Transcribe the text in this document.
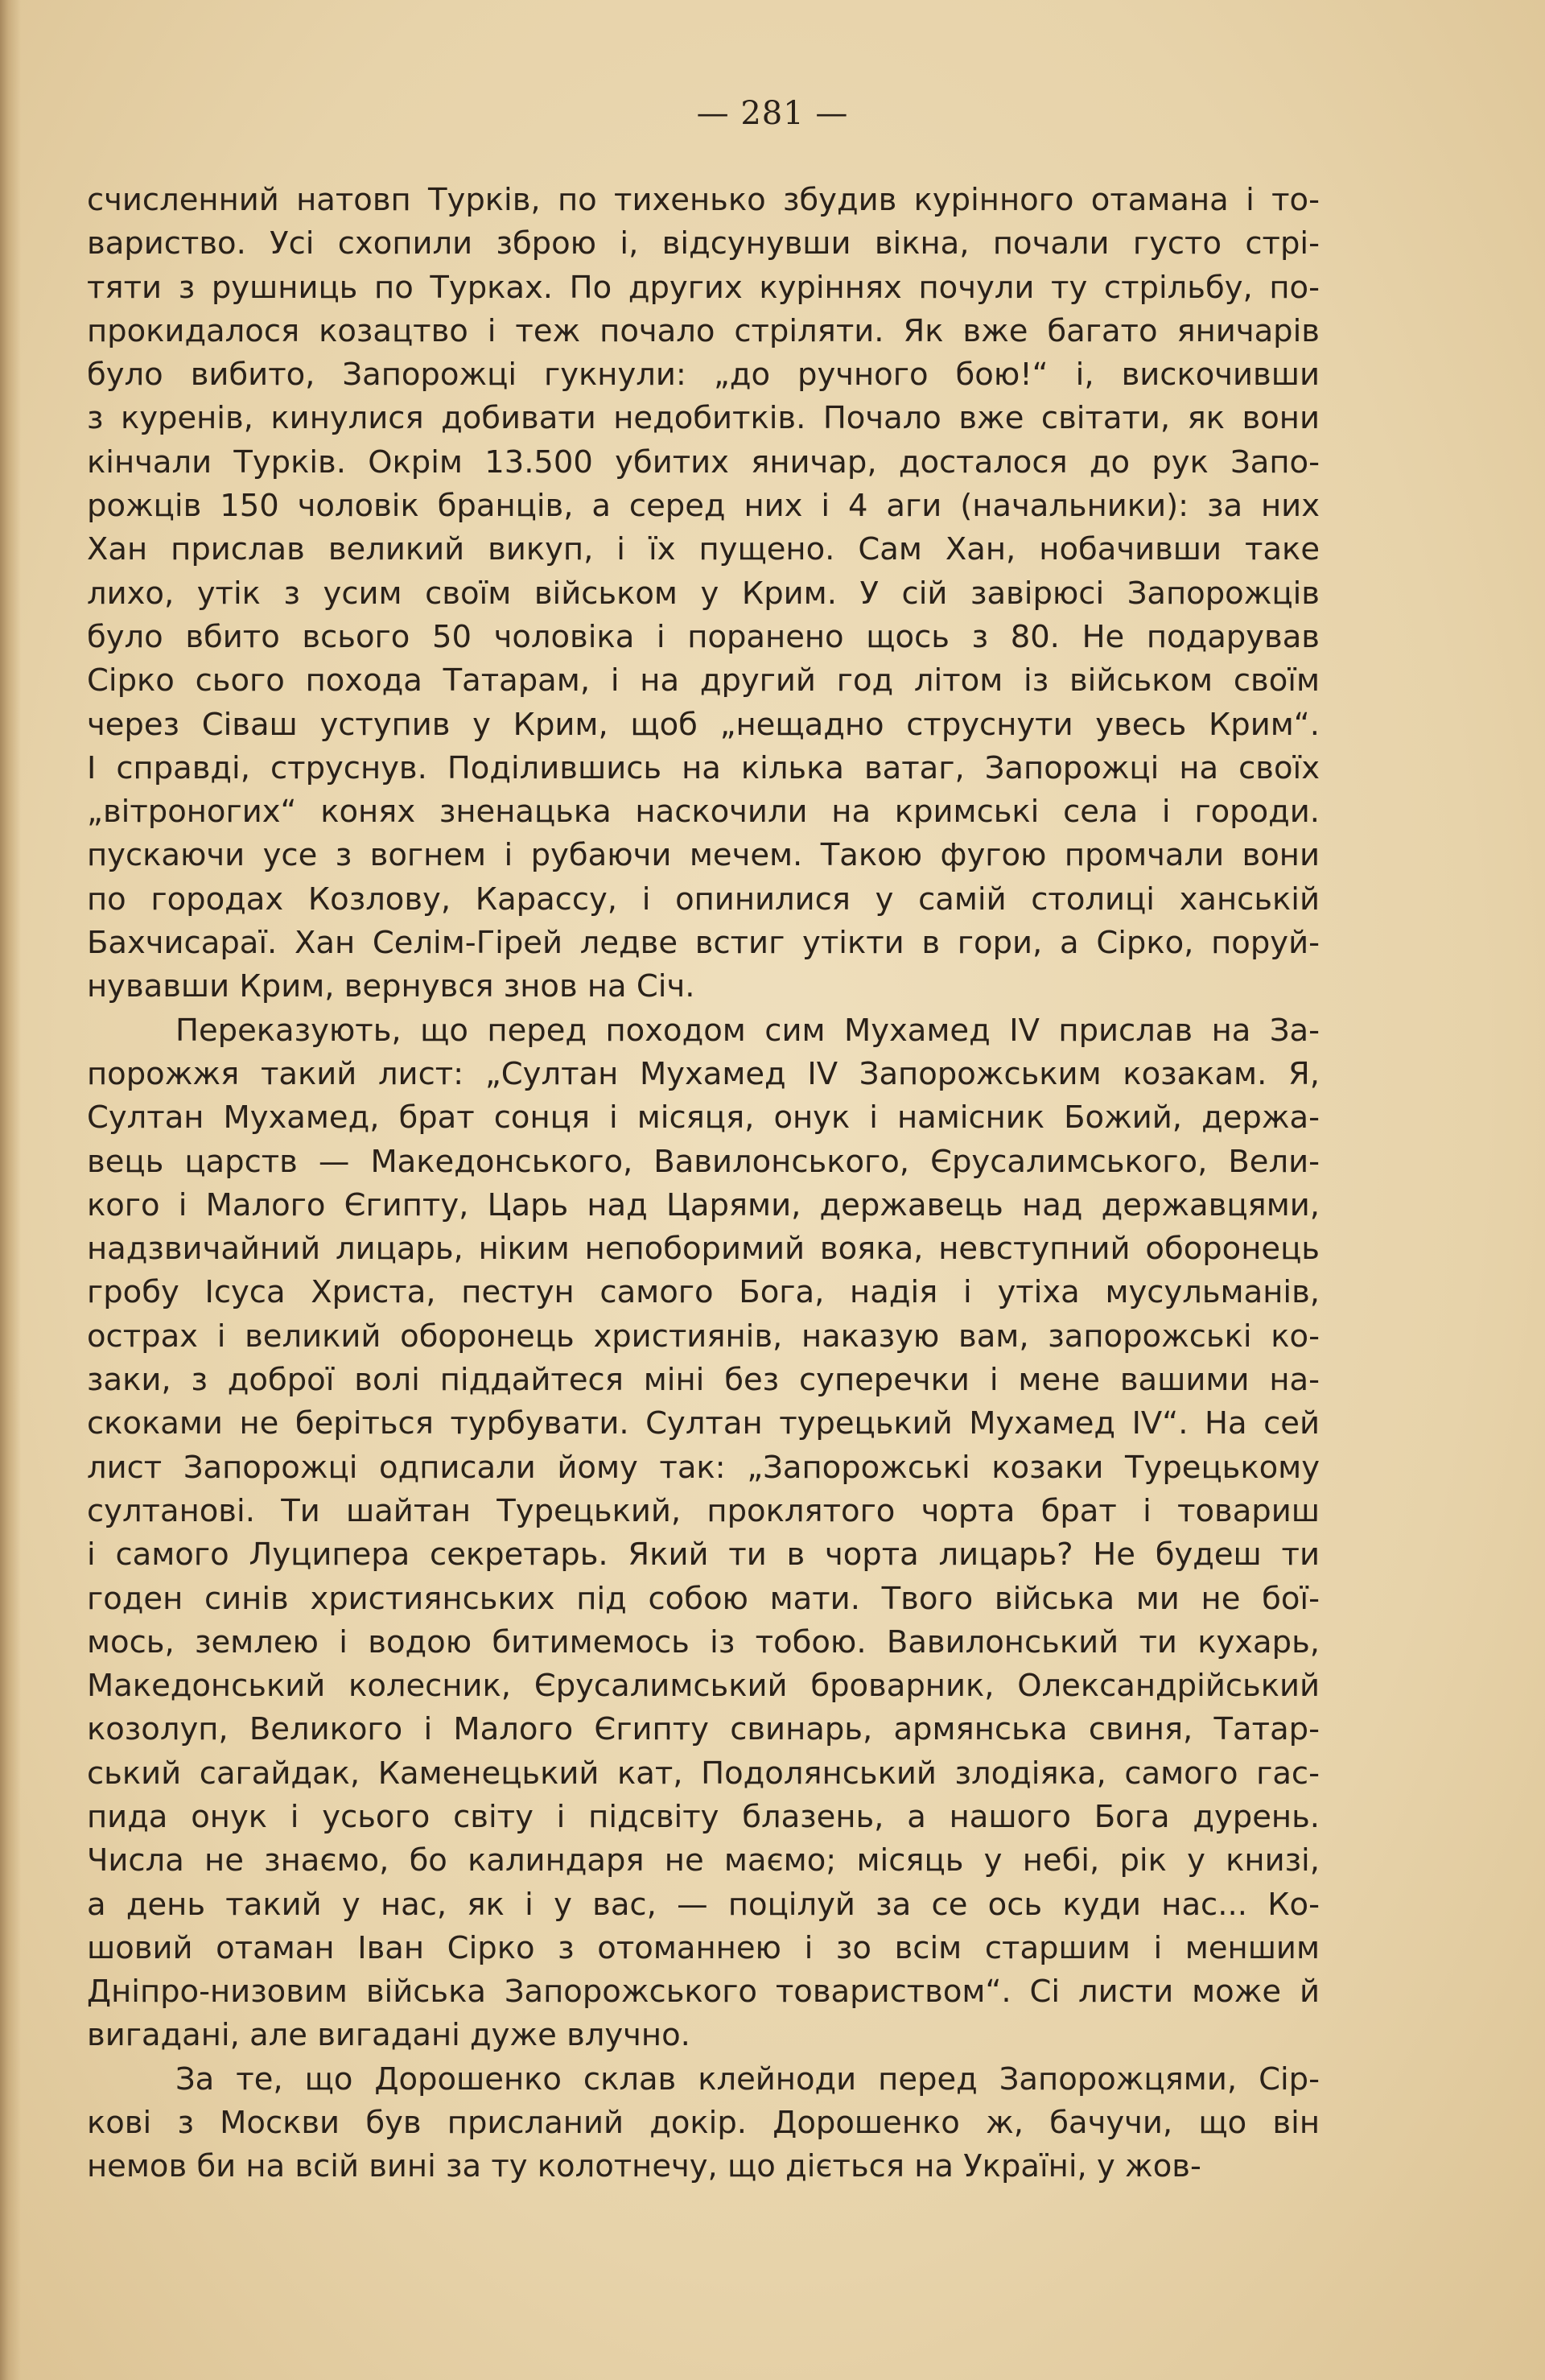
— 281 —
счисленний натовп Турків, по тихенько збудив курінного отамана і то-
вариство. Усі схопили зброю і, відсунувши вікна, почали густо стрі-
тяти з рушниць по Турках. По других куріннях почули ту стрільбу, по-
прокидалося козацтво і теж почало стріляти. Як вже багато яничарів
було вибито, Запорожці гукнули: „до ручного бою!“ і, вискочивши
з куренів, кинулися добивати недобитків. Почало вже світати, як вони
кінчали Турків. Окрім 13.500 убитих яничар, досталося до рук Запо-
рожців 150 чоловік бранців, а серед них і 4 аги (начальники): за них
Хан прислав великий викуп, і їх пущено. Сам Хан, нобачивши таке
лихо, утік з усим своїм військом у Крим. У сій завірюсі Запорожців
було вбито всього 50 чоловіка і поранено щось з 80. Не подарував
Сірко сього похода Татарам, і на другий год літом із військом своїм
через Сіваш уступив у Крим, щоб „нещадно струснути увесь Крим“.
І справді, струснув. Поділившись на кілька ватаг, Запорожці на своїх
„вітроногих“ конях зненацька наскочили на кримські села і городи.
пускаючи усе з вогнем і рубаючи мечем. Такою фугою промчали вони
по городах Козлову, Карассу, і опинилися у самій столиці ханській
Бахчисараї. Хан Селім-Гірей ледве встиг утікти в гори, а Сірко, поруй-
нувавши Крим, вернувся знов на Січ.
Переказують, що перед походом сим Мухамед IV прислав на За-
порожжя такий лист: „Султан Мухамед IV Запорожським козакам. Я,
Султан Мухамед, брат сонця і місяця, онук і намісник Божий, держа-
вець царств — Македонського, Вавилонського, Єрусалимського, Вели-
кого і Малого Єгипту, Царь над Царями, державець над державцями,
надзвичайний лицарь, ніким непоборимий вояка, невступний оборонець
гробу Ісуса Христа, пестун самого Бога, надія і утіха мусульманів,
острах і великий оборонець християнів, наказую вам, запорожські ко-
заки, з доброї волі піддайтеся міні без суперечки і мене вашими на-
скоками не беріться турбувати. Султан турецький Мухамед IV“. На сей
лист Запорожці одписали йому так: „Запорожські козаки Турецькому
султанові. Ти шайтан Турецький, проклятого чорта брат і товариш
і самого Луципера секретарь. Який ти в чорта лицарь? Не будеш ти
годен синів християнських під собою мати. Твого війська ми не бої-
мось, землею і водою битимемось із тобою. Вавилонський ти кухарь,
Македонський колесник, Єрусалимський броварник, Олександрійський
козолуп, Великого і Малого Єгипту свинарь, армянська свиня, Татар-
ський сагайдак, Каменецький кат, Подолянський злодіяка, самого гас-
пида онук і усього світу і підсвіту блазень, а нашого Бога дурень.
Числа не знаємо, бо калиндаря не маємо; місяць у небі, рік у книзі,
а день такий у нас, як і у вас, — поцілуй за се ось куди нас... Ко-
шовий отаман Іван Сірко з отоманнею і зо всім старшим і меншим
Дніпро-низовим війська Запорожського товариством“. Сі листи може й
вигадані, але вигадані дуже влучно.
За те, що Дорошенко склав клейноди перед Запорожцями, Сір-
кові з Москви був присланий докір. Дорошенко ж, бачучи, що він
немов би на всій вині за ту колотнечу, що діється на Україні, у жов-
